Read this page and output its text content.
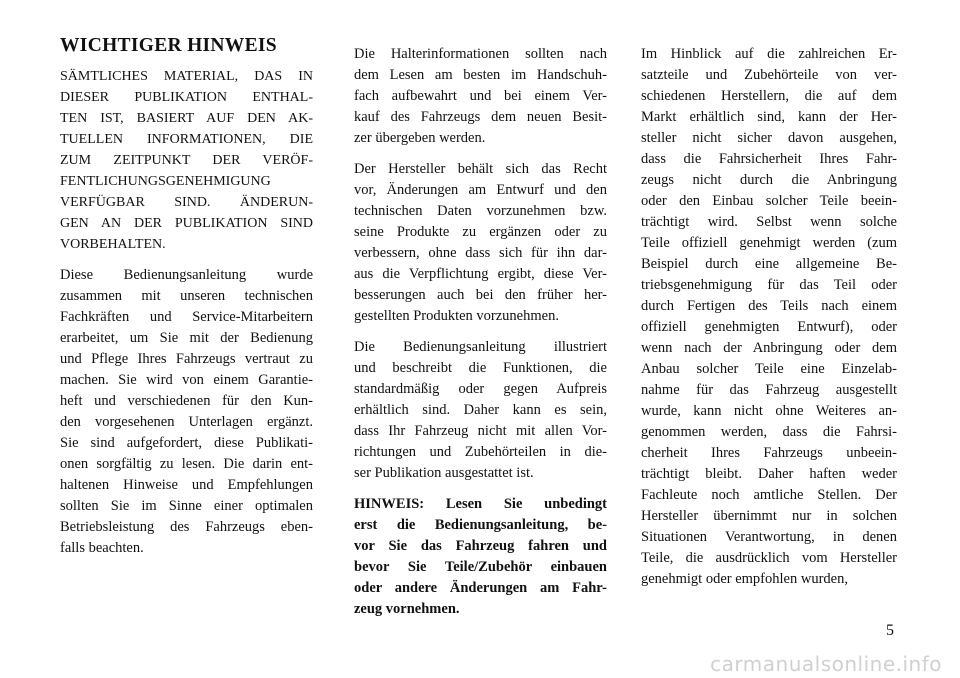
WICHTIGER HINWEIS

SÄMTLICHES MATERIAL, DAS IN

DIESER PUBLIKATION ENTHAL-

TEN IST, BASIERT AUF DEN AK-

TUELLEN INFORMATIONEN, DIE

ZUM ZEITPUNKT DER VERÖF-

FENTLICHUNGSGENEHMIGUNG

VERFÜGBAR SIND. ÄNDERUN-

GEN AN DER PUBLIKATION SIND

VORBEHALTEN.

Diese Bedienungsanleitung wurde

zusammen mit unseren technischen

Fachkräften und Service-Mitarbeitern

erarbeitet, um Sie mit der Bedienung

und Pflege Ihres Fahrzeugs vertraut zu

machen. Sie wird von einem Garantie-

heft und verschiedenen für den Kun-

den vorgesehenen Unterlagen ergänzt.

Sie sind aufgefordert, diese Publikati-

onen sorgfältig zu lesen. Die darin ent-

haltenen Hinweise und Empfehlungen

sollten Sie im Sinne einer optimalen

Betriebsleistung des Fahrzeugs eben-

falls beachten.

Die Halterinformationen sollten nach

dem Lesen am besten im Handschuh-

fach aufbewahrt und bei einem Ver-

kauf des Fahrzeugs dem neuen Besit-

zer übergeben werden.

Der Hersteller behält sich das Recht

vor, Änderungen am Entwurf und den

technischen Daten vorzunehmen bzw.

seine Produkte zu ergänzen oder zu

verbessern, ohne dass sich für ihn dar-

aus die Verpflichtung ergibt, diese Ver-

besserungen auch bei den früher her-

gestellten Produkten vorzunehmen.

Die Bedienungsanleitung illustriert

und beschreibt die Funktionen, die

standardmäßig oder gegen Aufpreis

erhältlich sind. Daher kann es sein,

dass Ihr Fahrzeug nicht mit allen Vor-

richtungen und Zubehörteilen in die-

ser Publikation ausgestattet ist.

HINWEIS: Lesen Sie unbedingt

erst die Bedienungsanleitung, be-

vor Sie das Fahrzeug fahren und

bevor Sie Teile/Zubehör einbauen

oder andere Änderungen am Fahr-

zeug vornehmen.

Im Hinblick auf die zahlreichen Er-

satzteile und Zubehörteile von ver-

schiedenen Herstellern, die auf dem

Markt erhältlich sind, kann der Her-

steller nicht sicher davon ausgehen,

dass die Fahrsicherheit Ihres Fahr-

zeugs nicht durch die Anbringung

oder den Einbau solcher Teile beein-

trächtigt wird. Selbst wenn solche

Teile offiziell genehmigt werden (zum

Beispiel durch eine allgemeine Be-

triebsgenehmigung für das Teil oder

durch Fertigen des Teils nach einem

offiziell genehmigten Entwurf), oder

wenn nach der Anbringung oder dem

Anbau solcher Teile eine Einzelab-

nahme für das Fahrzeug ausgestellt

wurde, kann nicht ohne Weiteres an-

genommen werden, dass die Fahrsi-

cherheit Ihres Fahrzeugs unbeein-

trächtigt bleibt. Daher haften weder

Fachleute noch amtliche Stellen. Der

Hersteller übernimmt nur in solchen

Situationen Verantwortung, in denen

Teile, die ausdrücklich vom Hersteller

genehmigt oder empfohlen wurden,

5
carmanualsonline.info
